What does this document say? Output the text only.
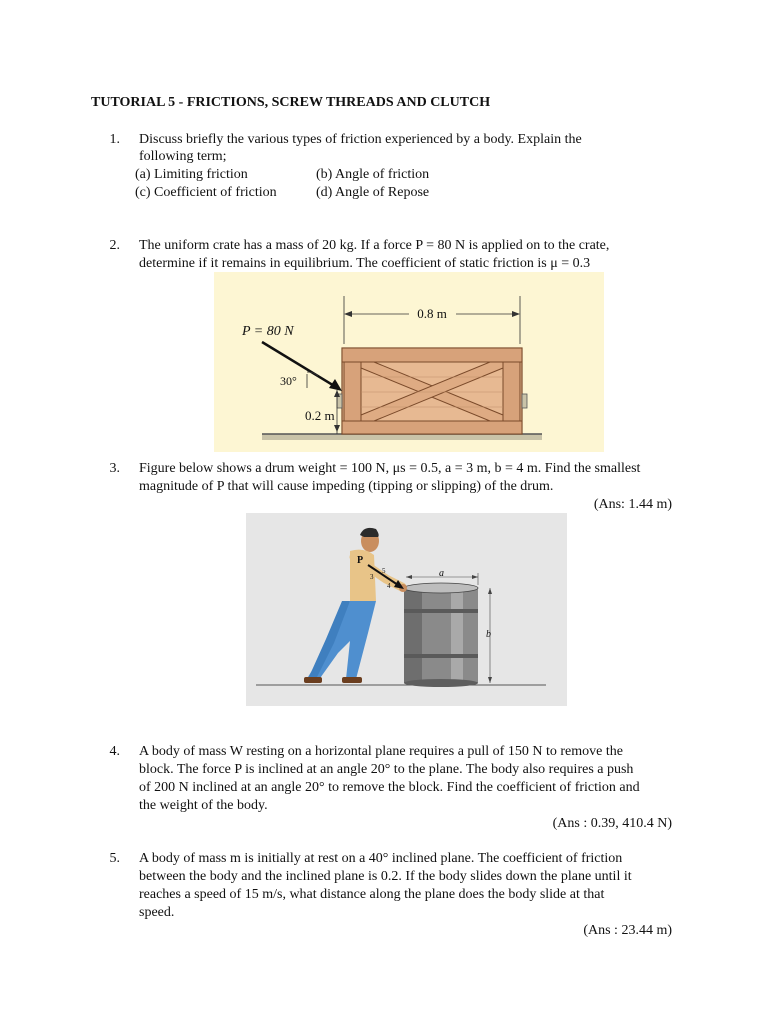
TUTORIAL 5 - FRICTIONS, SCREW THREADS AND CLUTCH
1. Discuss briefly the various types of friction experienced by a body. Explain the
following term;
(a) Limiting friction	(b) Angle of friction
(c) Coefficient of friction	(d) Angle of Repose
2. The uniform crate has a mass of 20 kg. If a force P = 80 N is applied on to the crate,
determine if it remains in equilibrium. The coefficient of static friction is μ = 0.3
0.8 m
P = 80 N
30°
0.2 m
3. Figure below shows a drum weight = 100 N, μs = 0.5, a = 3 m, b = 4 m. Find the smallest
magnitude of P that will cause impeding (tipping or slipping) of the drum.
(Ans: 1.44 m)
a
b
P
5
3
4
4. A body of mass W resting on a horizontal plane requires a pull of 150 N to remove the
block. The force P is inclined at an angle 20° to the plane. The body also requires a push
of 200 N inclined at an angle 20° to remove the block. Find the coefficient of friction and
the weight of the body.
(Ans : 0.39, 410.4 N)
5. A body of mass m is initially at rest on a 40° inclined plane. The coefficient of friction
between the body and the inclined plane is 0.2. If the body slides down the plane until it
reaches a speed of 15 m/s, what distance along the plane does the body slide at that
speed.
(Ans : 23.44 m)
